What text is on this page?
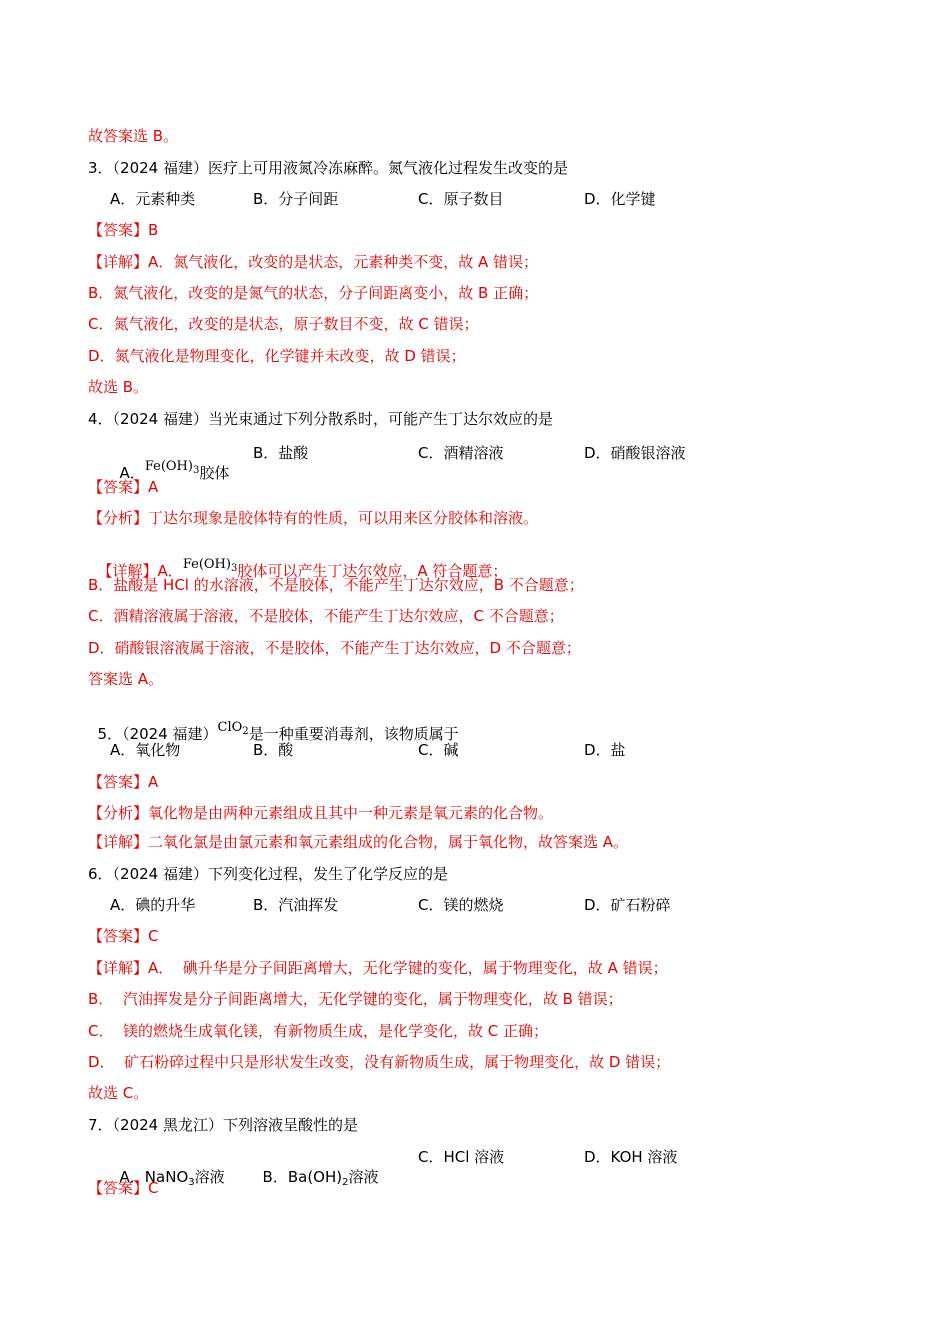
故答案选 B。
3．（2024 福建）医疗上可用液氮冷冻麻醉。氮气液化过程发生改变的是
A．元素种类	B．分子间距	C．原子数目	D．化学键
【答案】B
【详解】A．氮气液化，改变的是状态，元素种类不变，故 A 错误；
B．氮气液化，改变的是氮气的状态，分子间距离变小，故 B 正确；
C．氮气液化，改变的是状态，原子数目不变，故 C 错误；
D．氮气液化是物理变化，化学键并未改变，故 D 错误；
故选 B。
4．（2024 福建）当光束通过下列分散系时，可能产生丁达尔效应的是

A．$Fe(OH)_3$胶体

B．盐酸	C．酒精溶液	D．硝酸银溶液
【答案】A
【分析】丁达尔现象是胶体特有的性质，可以用来区分胶体和溶液。

【详解】A．$Fe(OH)_3$胶体可以产生丁达尔效应，A 符合题意；

B．盐酸是 HCl 的水溶液，不是胶体，不能产生丁达尔效应，B 不合题意；
C．酒精溶液属于溶液，不是胶体，不能产生丁达尔效应，C 不合题意；
D．硝酸银溶液属于溶液，不是胶体，不能产生丁达尔效应，D 不合题意；
答案选 A。

5．（2024 福建）ClO$_2$是一种重要消毒剂，该物质属于

A．氧化物	B．酸	C．碱	D．盐
【答案】A
【分析】氧化物是由两种元素组成且其中一种元素是氧元素的化合物。
【详解】二氧化氯是由氯元素和氧元素组成的化合物，属于氧化物，故答案选 A。
6．（2024 福建）下列变化过程，发生了化学反应的是
A．碘的升华	B．汽油挥发	C．镁的燃烧	D．矿石粉碎
【答案】C
【详解】A．  碘升华是分子间距离增大，无化学键的变化，属于物理变化，故 A 错误；
B．  汽油挥发是分子间距离增大，无化学键的变化，属于物理变化，故 B 错误；
C．  镁的燃烧生成氧化镁，有新物质生成，是化学变化，故 C 正确；
D．  矿石粉碎过程中只是形状发生改变，没有新物质生成，属于物理变化，故 D 错误；
故选 C。
7．（2024 黑龙江）下列溶液呈酸性的是

A．NaNO$_3$溶液	B．$Ba(OH)_2$溶液

C．HCl 溶液	D．KOH 溶液
【答案】C
